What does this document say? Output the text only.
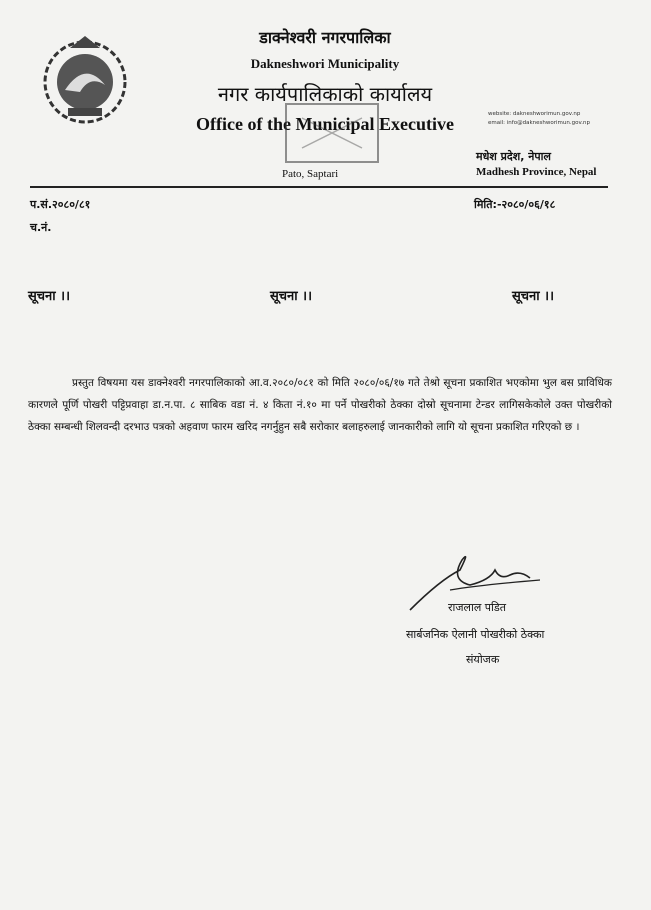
डाक्नेश्वरी नगरपालिका
Dakneshwori Municipality
नगर कार्यपालिकाको कार्यालय
Office of the Municipal Executive
Pato, Saptari
website: dakneshworimun.gov.np
email: info@dakneshworimun.gov.np
मधेश प्रदेश, नेपाल
Madhesh Province, Nepal
प.सं.२०८०/८१
च.नं.
मिति:-२०८०/०६/१८
सूचना ।।	सूचना ।।	सूचना ।।
प्रस्तुत विषयमा यस डाक्नेश्वरी नगरपालिकाको आ.व.२०८०/०८१ को मिति २०८०/०६/१७ गते तेश्रो सूचना प्रकाशित भएकोमा भुल बस प्राविधिक कारणले पूर्णि पोखरी पट्टिप्रवाहा डा.न.पा. ८ साबिक वडा नं. ४ किता नं.१० मा पर्ने पोखरीको ठेक्का दोस्रो सूचनामा टेन्डर लागिसकेकोले उक्त पोखरीको ठेक्का सम्बन्धी शिलवन्दी दरभाउ पत्रको अहवाण फारम खरिद नगर्नुहुन सबै सरोकार बलाहरुलाई जानकारीको लागि यो सूचना प्रकाशित गरिएको छ ।
राजलाल पडित
सार्बजनिक ऐलानी पोखरीको ठेक्का
संयोजक
